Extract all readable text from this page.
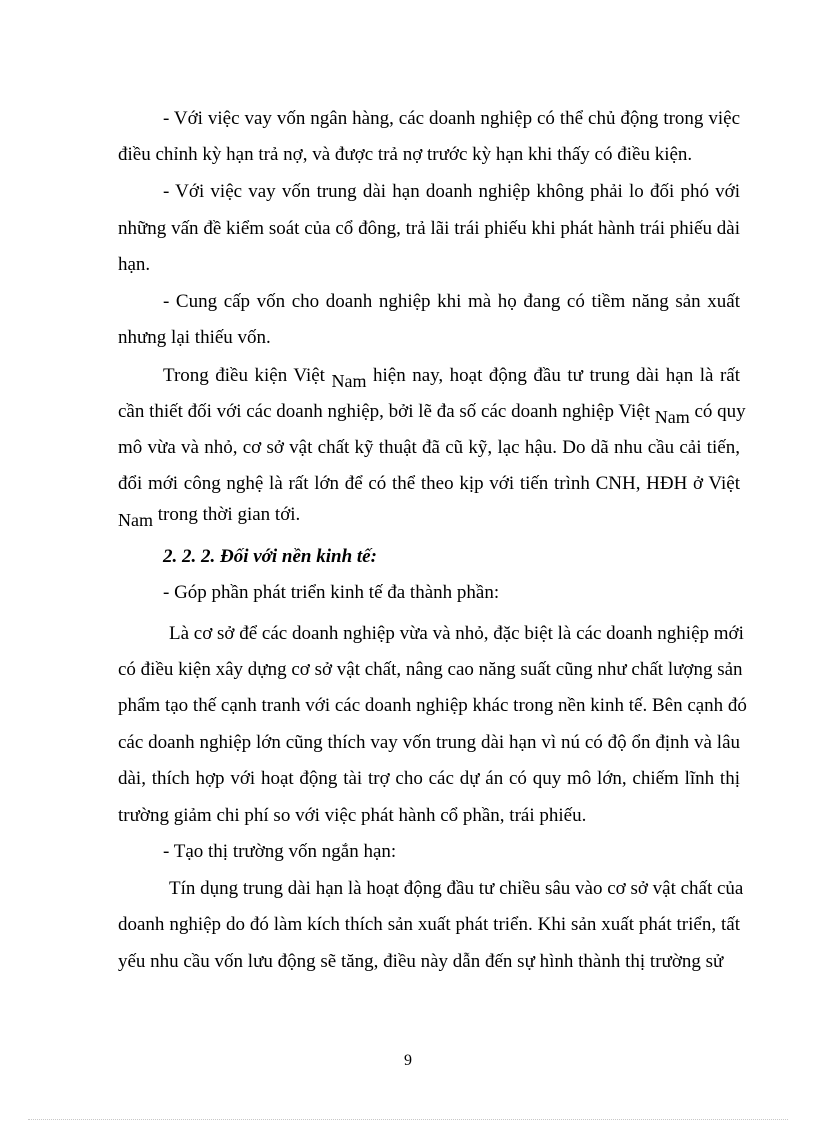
- Với việc vay vốn ngân hàng, các doanh nghiệp có thể chủ động trong việc
điều chỉnh kỳ hạn trả nợ, và được trả nợ trước kỳ hạn khi thấy có điều kiện.
- Với việc vay vốn trung dài hạn doanh nghiệp không phải lo đối phó với
những vấn đề kiểm soát của cổ đông, trả lãi trái phiếu khi phát hành trái phiếu dài
hạn.
- Cung cấp vốn cho doanh nghiệp khi mà họ đang có tiềm năng sản xuất
nhưng lại thiếu vốn.
Trong điều kiện Việt Nam hiện nay, hoạt động đầu tư trung dài hạn là rất
cần thiết đối với các doanh nghiệp, bởi lẽ đa số các doanh nghiệp Việt Nam có quy
mô vừa và nhỏ, cơ sở vật chất kỹ thuật đã cũ kỹ, lạc hậu. Do dã nhu cầu cải tiến,
đổi mới công nghệ là rất lớn để có thể theo kịp với tiến trình CNH, HĐH ở Việt
Nam trong thời gian tới.
2. 2. 2. Đối với nền kinh tế:
- Góp phần phát triển kinh tế đa thành phần:
Là cơ sở để các doanh nghiệp vừa và nhỏ, đặc biệt là các doanh nghiệp mới
có điều kiện xây dựng cơ sở vật chất, nâng cao năng suất cũng như chất lượng sản
phẩm tạo thế cạnh tranh với các doanh nghiệp khác trong nền kinh tế. Bên cạnh đó
các doanh nghiệp lớn cũng thích vay vốn trung dài hạn vì nú có độ ổn định và lâu
dài, thích hợp với hoạt động tài trợ cho các dự án có quy mô lớn, chiếm lĩnh thị
trường giảm chi phí so với việc phát hành cổ phần, trái phiếu.
- Tạo thị trường vốn ngắn hạn:
Tín dụng trung dài hạn là hoạt động đầu tư chiều sâu vào cơ sở vật chất của
doanh nghiệp do đó làm kích thích sản xuất phát triển. Khi sản xuất phát triển, tất
yếu nhu cầu vốn lưu động sẽ tăng, điều này dẫn đến sự hình thành thị trường sử
9
